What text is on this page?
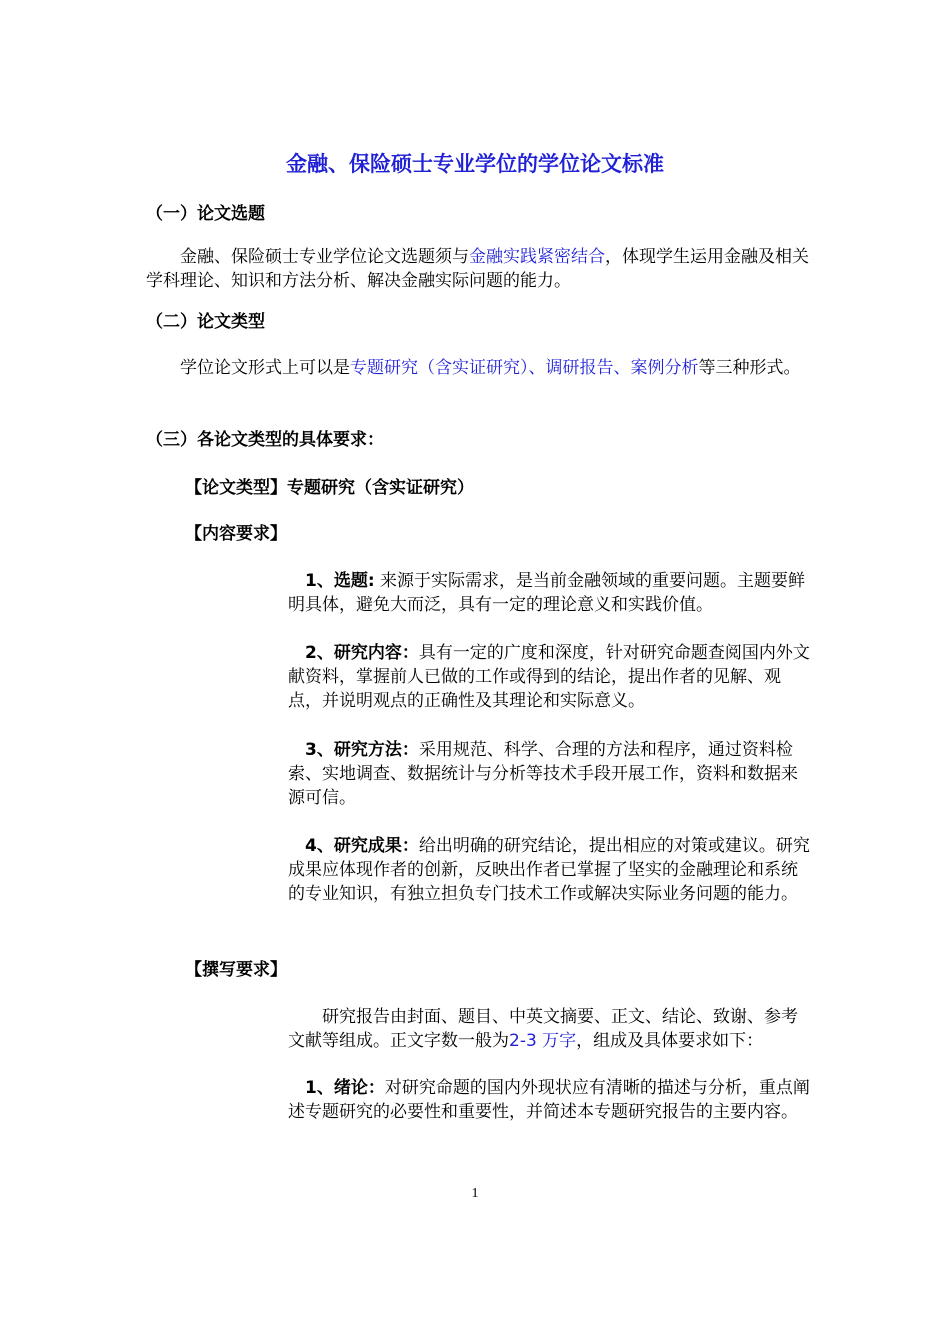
金融、保险硕士专业学位的学位论文标准
（一）论文选题
金融、保险硕士专业学位论文选题须与金融实践紧密结合，体现学生运用金融及相关学科理论、知识和方法分析、解决金融实际问题的能力。
（二）论文类型
学位论文形式上可以是专题研究（含实证研究）、调研报告、案例分析等三种形式。
（三）各论文类型的具体要求：
【论文类型】专题研究（含实证研究）
【内容要求】
1、选题: 来源于实际需求，是当前金融领域的重要问题。主题要鲜明具体，避免大而泛，具有一定的理论意义和实践价值。
2、研究内容：具有一定的广度和深度，针对研究命题查阅国内外文献资料，掌握前人已做的工作或得到的结论，提出作者的见解、观点，并说明观点的正确性及其理论和实际意义。
3、研究方法：采用规范、科学、合理的方法和程序，通过资料检索、实地调查、数据统计与分析等技术手段开展工作，资料和数据来源可信。
4、研究成果：给出明确的研究结论，提出相应的对策或建议。研究成果应体现作者的创新，反映出作者已掌握了坚实的金融理论和系统的专业知识，有独立担负专门技术工作或解决实际业务问题的能力。
【撰写要求】
研究报告由封面、题目、中英文摘要、正文、结论、致谢、参考文献等组成。正文字数一般为2-3 万字，组成及具体要求如下：
1、绪论：对研究命题的国内外现状应有清晰的描述与分析，重点阐述专题研究的必要性和重要性，并简述本专题研究报告的主要内容。
1
